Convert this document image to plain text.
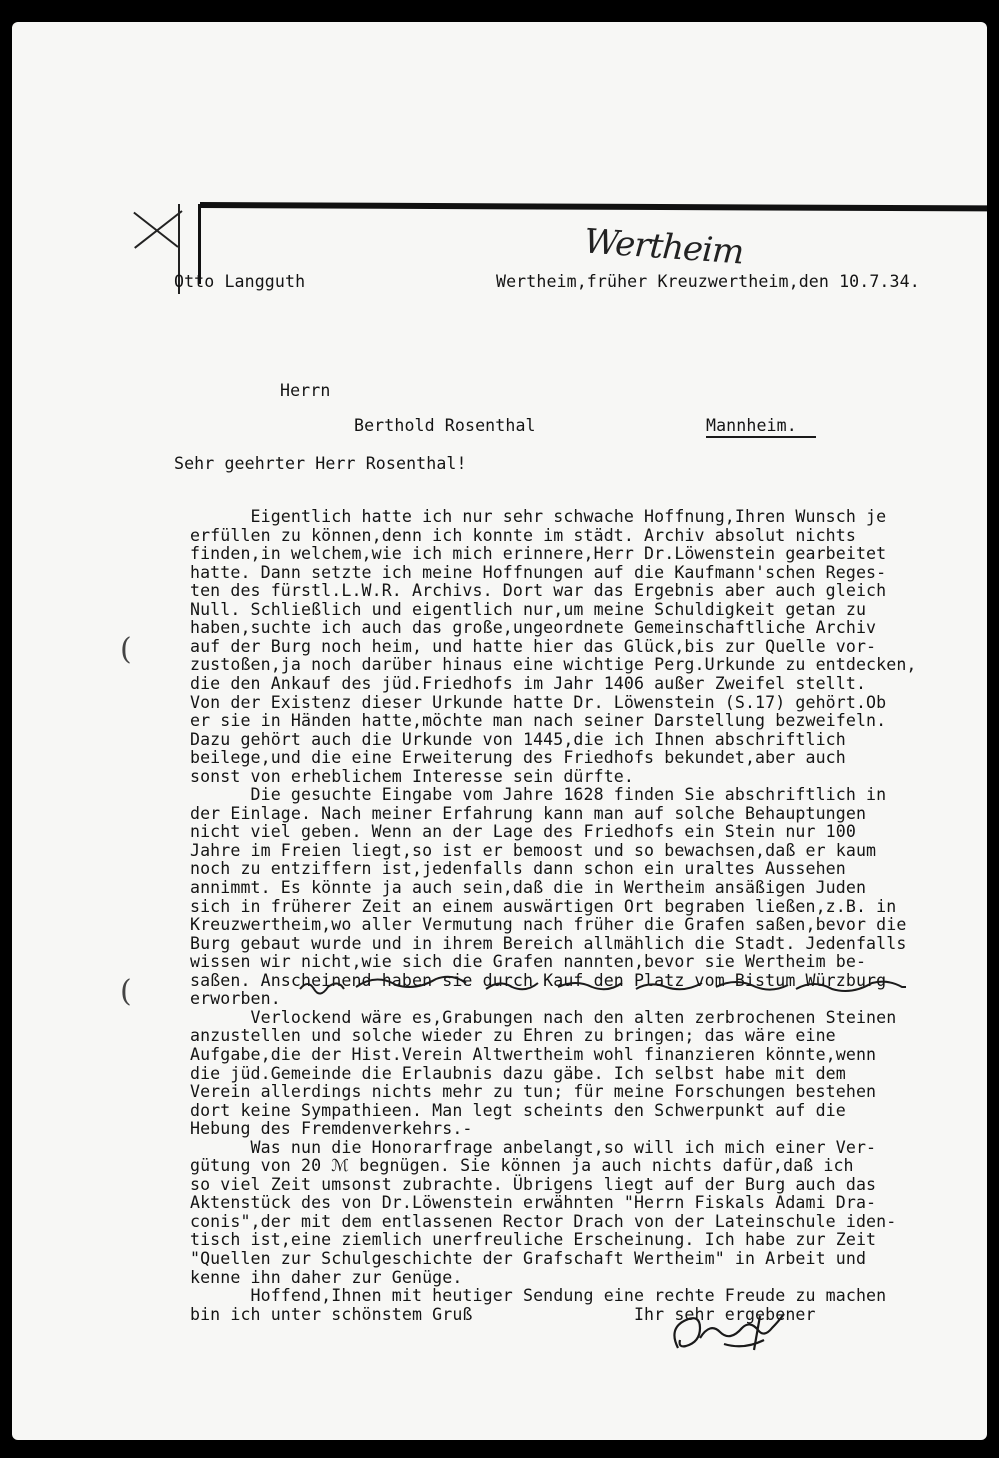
(
(
Wertheim
Otto Langguth	Wertheim,früher Kreuzwertheim,den 10.7.34.
Herrn
Berthold Rosenthal	Mannheim.
Sehr geehrter Herr Rosenthal!
Eigentlich hatte ich nur sehr schwache Hoffnung,Ihren Wunsch je
erfüllen zu können,denn ich konnte im städt. Archiv absolut nichts
finden,in welchem,wie ich mich erinnere,Herr Dr.Löwenstein gearbeitet
hatte. Dann setzte ich meine Hoffnungen auf die Kaufmann'schen Reges-
ten des fürstl.L.W.R. Archivs. Dort war das Ergebnis aber auch gleich
Null. Schließlich und eigentlich nur,um meine Schuldigkeit getan zu
haben,suchte ich auch das große,ungeordnete Gemeinschaftliche Archiv
auf der Burg noch heim, und hatte hier das Glück,bis zur Quelle vor-
zustoßen,ja noch darüber hinaus eine wichtige Perg.Urkunde zu entdecken,
die den Ankauf des jüd.Friedhofs im Jahr 1406 außer Zweifel stellt.
Von der Existenz dieser Urkunde hatte Dr. Löwenstein (S.17) gehört.Ob
er sie in Händen hatte,möchte man nach seiner Darstellung bezweifeln.
Dazu gehört auch die Urkunde von 1445,die ich Ihnen abschriftlich
beilege,und die eine Erweiterung des Friedhofs bekundet,aber auch
sonst von erheblichem Interesse sein dürfte.
Die gesuchte Eingabe vom Jahre 1628 finden Sie abschriftlich in
der Einlage. Nach meiner Erfahrung kann man auf solche Behauptungen
nicht viel geben. Wenn an der Lage des Friedhofs ein Stein nur 100
Jahre im Freien liegt,so ist er bemoost und so bewachsen,daß er kaum
noch zu entziffern ist,jedenfalls dann schon ein uraltes Aussehen
annimmt. Es könnte ja auch sein,daß die in Wertheim ansäßigen Juden
sich in früherer Zeit an einem auswärtigen Ort begraben ließen,z.B. in
Kreuzwertheim,wo aller Vermutung nach früher die Grafen saßen,bevor die
Burg gebaut wurde und in ihrem Bereich allmählich die Stadt. Jedenfalls
wissen wir nicht,wie sich die Grafen nannten,bevor sie Wertheim be-
saßen. Anscheinend haben sie durch Kauf den Platz vom Bistum Würzburg
erworben.
Verlockend wäre es,Grabungen nach den alten zerbrochenen Steinen
anzustellen und solche wieder zu Ehren zu bringen; das wäre eine
Aufgabe,die der Hist.Verein Altwertheim wohl finanzieren könnte,wenn
die jüd.Gemeinde die Erlaubnis dazu gäbe. Ich selbst habe mit dem
Verein allerdings nichts mehr zu tun; für meine Forschungen bestehen
dort keine Sympathieen. Man legt scheints den Schwerpunkt auf die
Hebung des Fremdenverkehrs.-
Was nun die Honorarfrage anbelangt,so will ich mich einer Ver-
gütung von 20 ℳ begnügen. Sie können ja auch nichts dafür,daß ich
so viel Zeit umsonst zubrachte. Übrigens liegt auf der Burg auch das
Aktenstück des von Dr.Löwenstein erwähnten "Herrn Fiskals Adami Dra-
conis",der mit dem entlassenen Rector Drach von der Lateinschule iden-
tisch ist,eine ziemlich unerfreuliche Erscheinung. Ich habe zur Zeit
"Quellen zur Schulgeschichte der Grafschaft Wertheim" in Arbeit und
kenne ihn daher zur Genüge.
Hoffend,Ihnen mit heutiger Sendung eine rechte Freude zu machen
bin ich unter schönstem Gruß                Ihr sehr ergebener
